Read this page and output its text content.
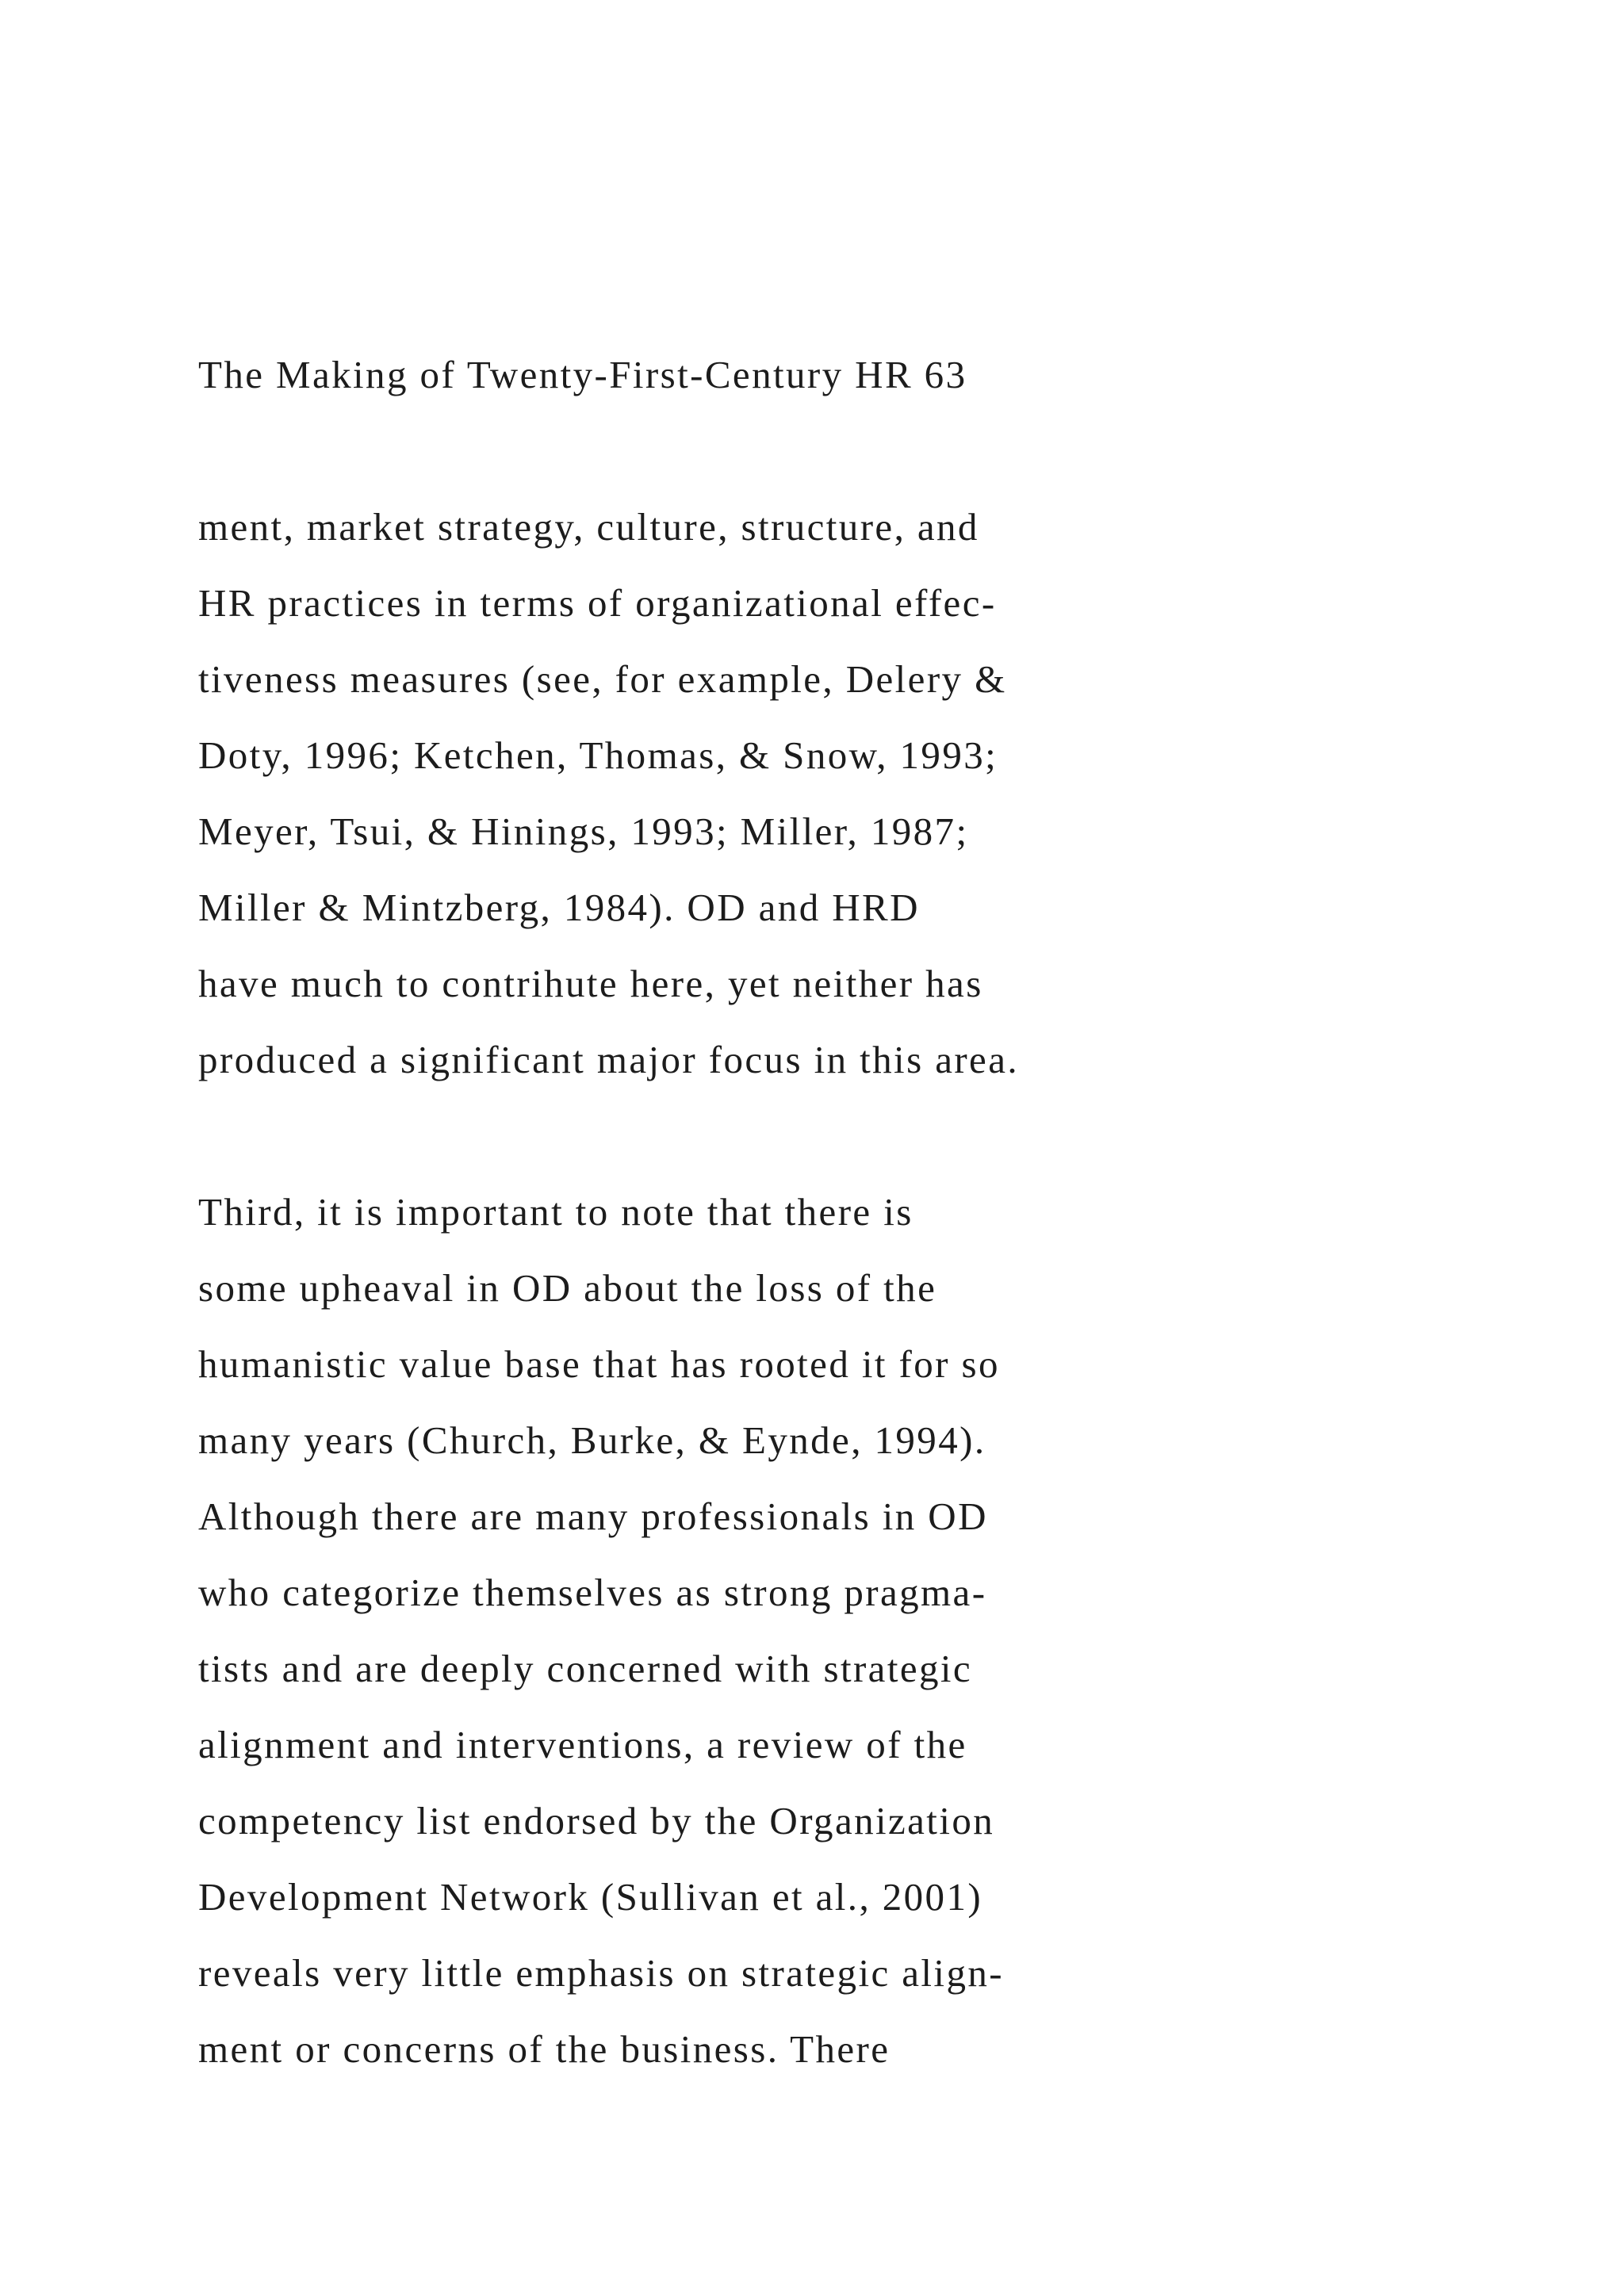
The Making of Twenty-First-Century HR 63

ment, market strategy, culture, structure, and

HR practices in terms of organizational effec-

tiveness measures (see, for example, Delery &

Doty, 1996; Ketchen, Thomas, & Snow, 1993;

Meyer, Tsui, & Hinings, 1993; Miller, 1987;

Miller & Mintzberg, 1984). OD and HRD

have much to contrihute here, yet neither has

produced a significant major focus in this area.

Third, it is important to note that there is

some upheaval in OD about the loss of the

humanistic value base that has rooted it for so

many years (Church, Burke, & Eynde, 1994).

Although there are many professionals in OD

who categorize themselves as strong pragma-

tists and are deeply concerned with strategic

alignment and interventions, a review of the

competency list endorsed by the Organization

Development Network (Sullivan et al., 2001)

reveals very little emphasis on strategic align-

ment or concerns of the business. There
